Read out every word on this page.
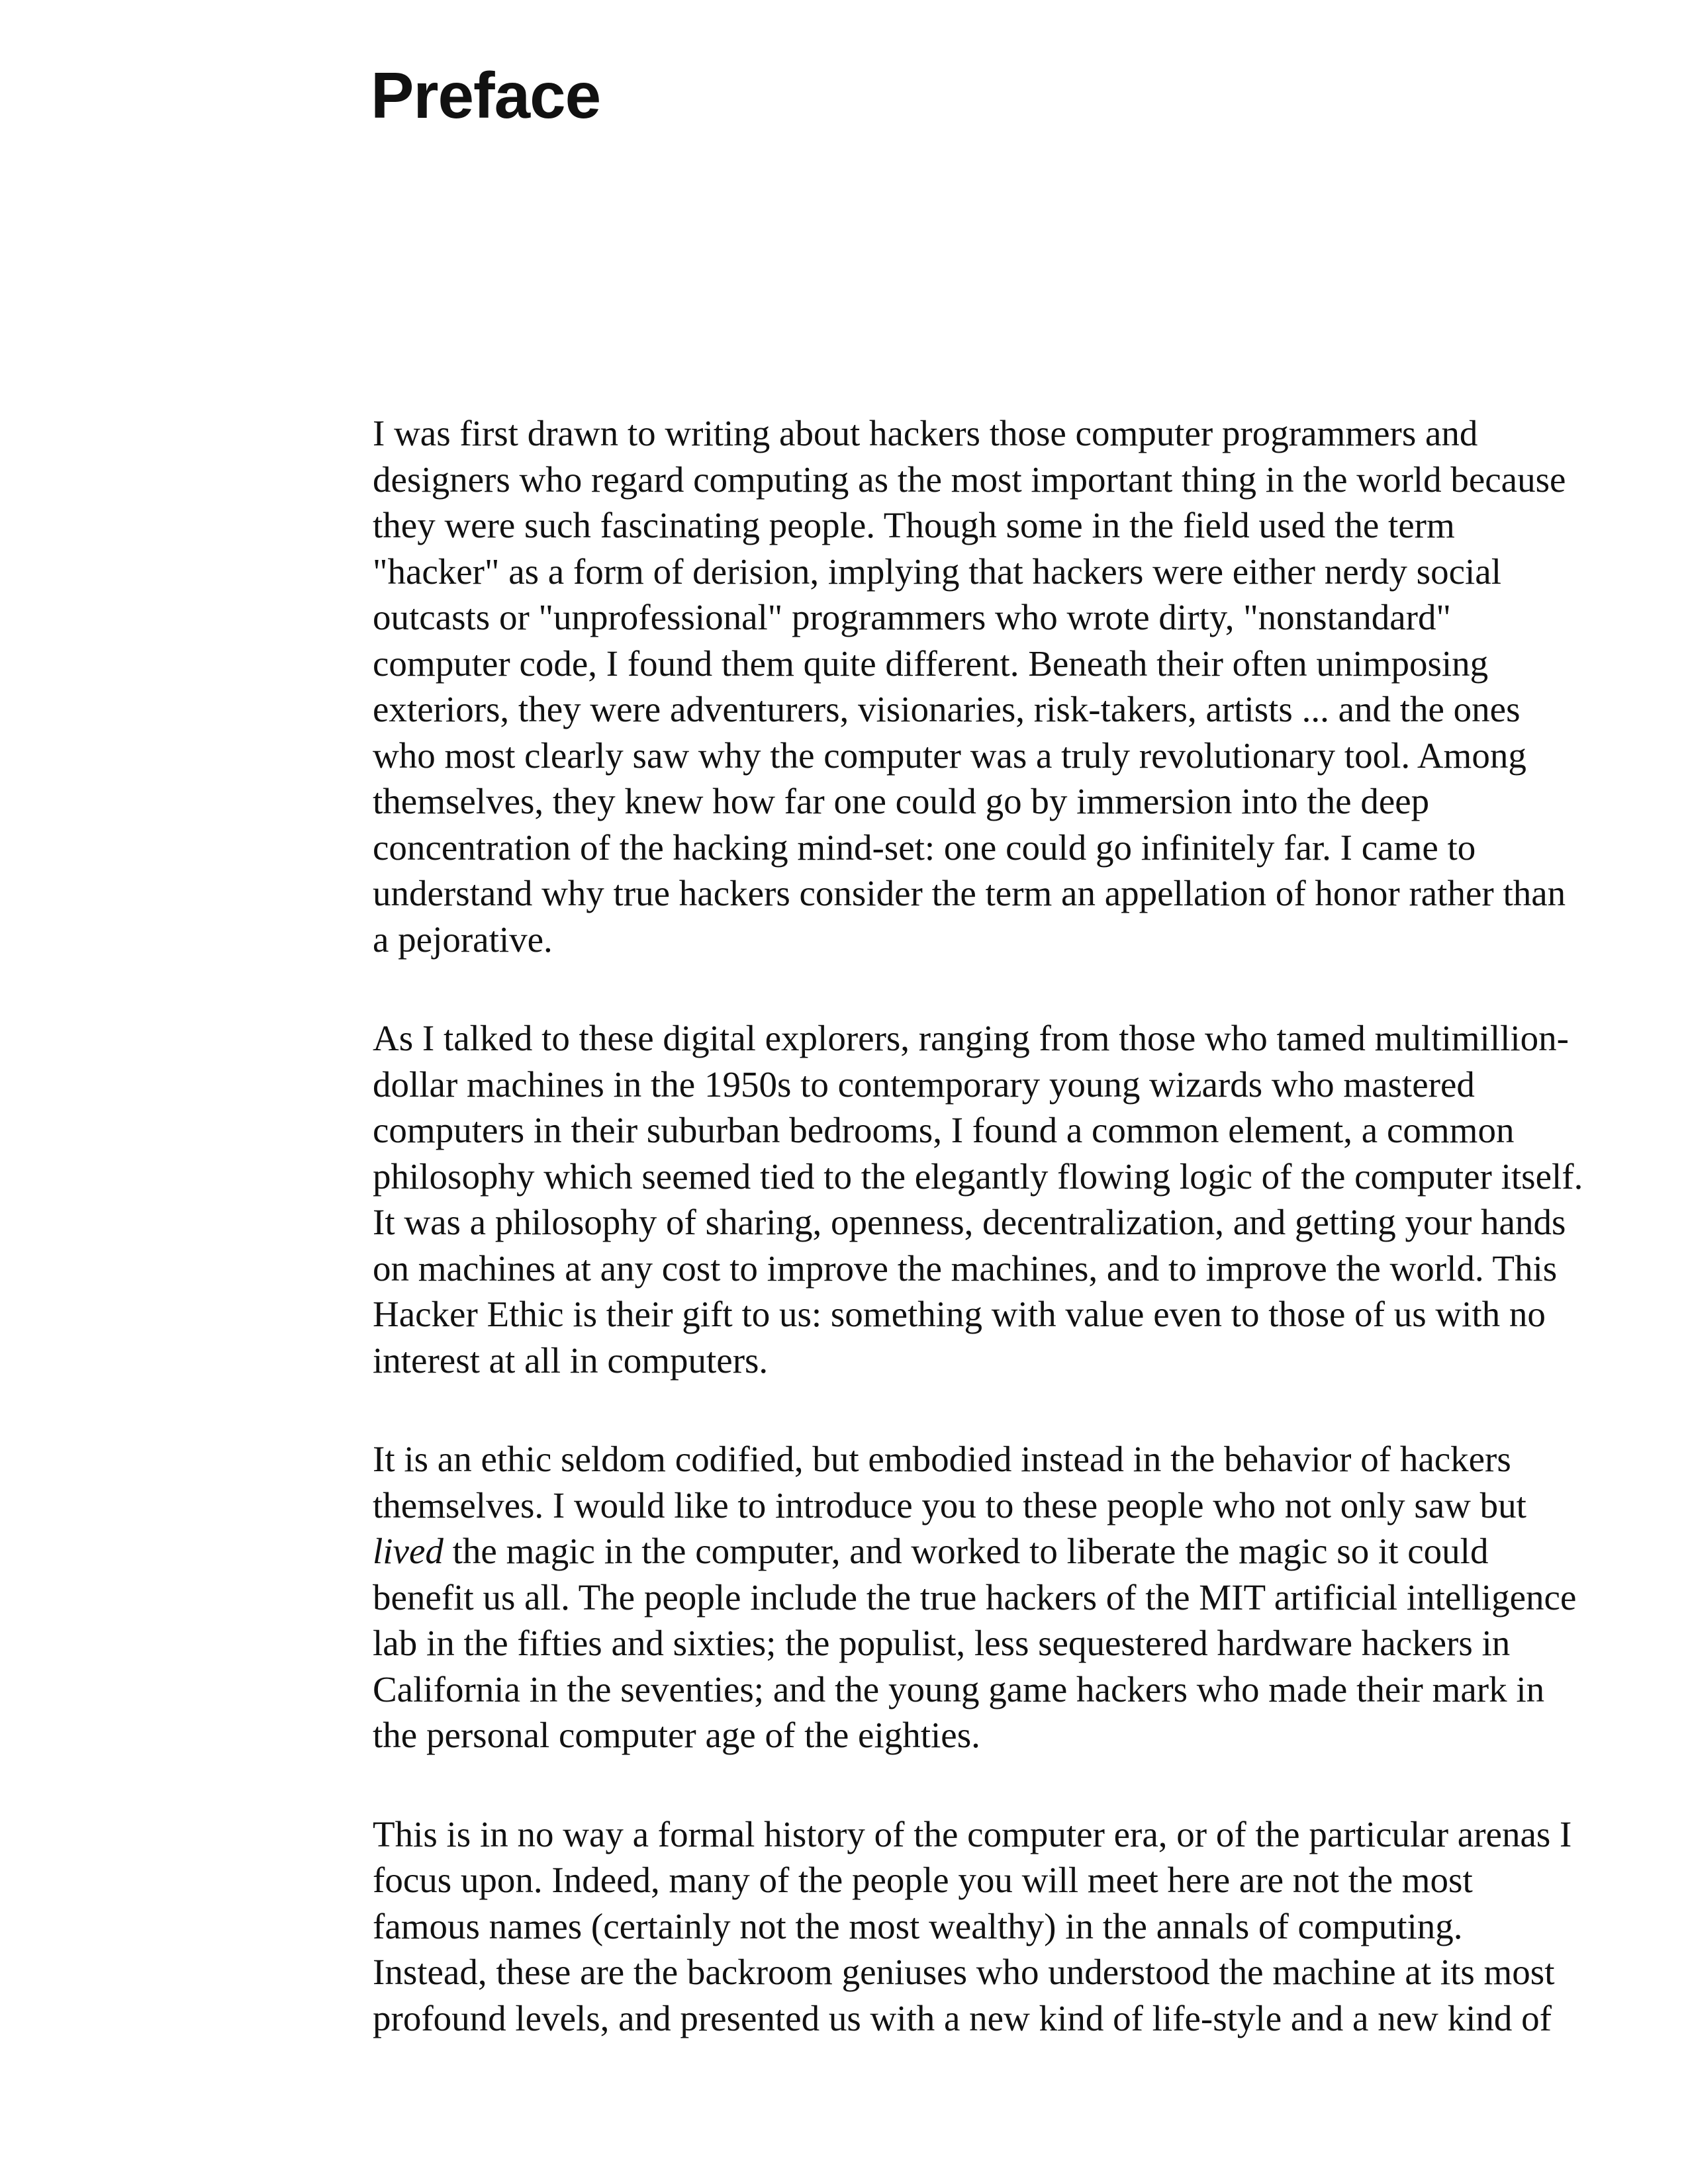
Preface

I was first drawn to writing about hackers those computer programmers and
designers who regard computing as the most important thing in the world because
they were such fascinating people. Though some in the field used the term
"hacker" as a form of derision, implying that hackers were either nerdy social
outcasts or "unprofessional" programmers who wrote dirty, "nonstandard"
computer code, I found them quite different. Beneath their often unimposing
exteriors, they were adventurers, visionaries, risk-takers, artists ... and the ones
who most clearly saw why the computer was a truly revolutionary tool. Among
themselves, they knew how far one could go by immersion into the deep
concentration of the hacking mind-set: one could go infinitely far. I came to
understand why true hackers consider the term an appellation of honor rather than
a pejorative.

As I talked to these digital explorers, ranging from those who tamed multimillion-
dollar machines in the 1950s to contemporary young wizards who mastered
computers in their suburban bedrooms, I found a common element, a common
philosophy which seemed tied to the elegantly flowing logic of the computer itself.
It was a philosophy of sharing, openness, decentralization, and getting your hands
on machines at any cost to improve the machines, and to improve the world. This
Hacker Ethic is their gift to us: something with value even to those of us with no
interest at all in computers.

It is an ethic seldom codified, but embodied instead in the behavior of hackers
themselves. I would like to introduce you to these people who not only saw but
lived the magic in the computer, and worked to liberate the magic so it could
benefit us all. The people include the true hackers of the MIT artificial intelligence
lab in the fifties and sixties; the populist, less sequestered hardware hackers in
California in the seventies; and the young game hackers who made their mark in
the personal computer age of the eighties.

This is in no way a formal history of the computer era, or of the particular arenas I
focus upon. Indeed, many of the people you will meet here are not the most
famous names (certainly not the most wealthy) in the annals of computing.
Instead, these are the backroom geniuses who understood the machine at its most
profound levels, and presented us with a new kind of life-style and a new kind of
